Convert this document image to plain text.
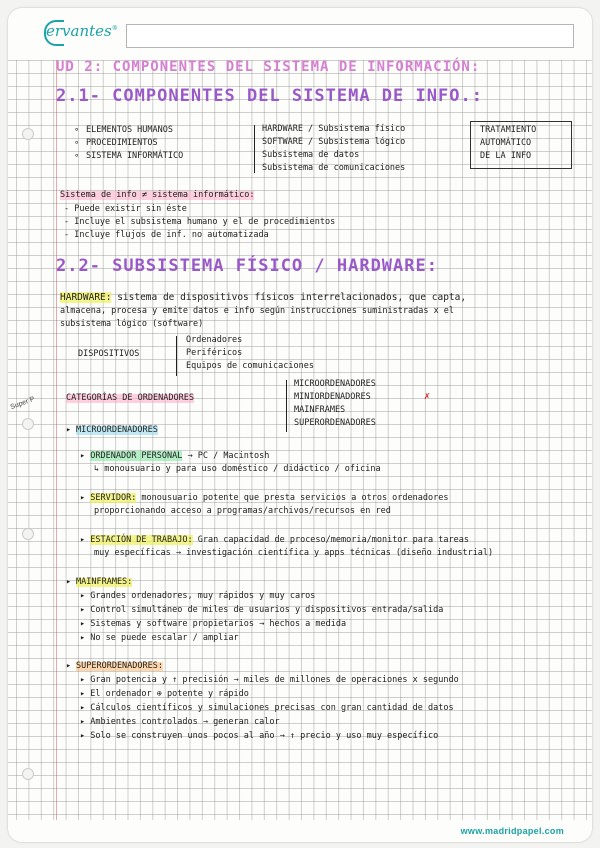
ervantes®
UD 2: COMPONENTES DEL SISTEMA DE INFORMACIÓN:
2.1- COMPONENTES DEL SISTEMA DE INFO.:
∘ ELEMENTOS HUMANOS
∘ PROCEDIMIENTOS
∘ SISTEMA INFORMÁTICO
HARDWARE / Subsistema físico
SOFTWARE / Subsistema lógico
Subsistema de datos
Subsistema de comunicaciones
TRATAMIENTO
AUTOMÁTICO
DE LA INFO
Sistema de info ≠ sistema informático:
- Puede existir sin éste
- Incluye el subsistema humano y el de procedimientos
- Incluye flujos de inf. no automatizada
2.2- SUBSISTEMA FÍSICO / HARDWARE:
HARDWARE: sistema de dispositivos físicos interrelacionados, que capta,
almacena, procesa y emite datos e info según instrucciones suministradas x el
subsistema lógico (software)
DISPOSITIVOS
Ordenadores
Periféricos
Equipos de comunicaciones
CATEGORÍAS DE ORDENADORES
MICROORDENADORES
MINIORDENADORES	✗
MAINFRAMES
SUPERORDENADORES
Super P
▸ MICROORDENADORES
▸ ORDENADOR PERSONAL → PC / Macintosh
↳ monousuario y para uso doméstico / didáctico / oficina
▸ SERVIDOR: monousuario potente que presta servicios a otros ordenadores
proporcionando acceso a programas/archivos/recursos en red
▸ ESTACIÓN DE TRABAJO: Gran capacidad de proceso/memoria/monitor para tareas
muy específicas → investigación científica y apps técnicas (diseño industrial)
▸ MAINFRAMES:
▸ Grandes ordenadores, muy rápidos y muy caros
▸ Control simultáneo de miles de usuarios y dispositivos entrada/salida
▸ Sistemas y software propietarios → hechos a medida
▸ No se puede escalar / ampliar
▸ SUPERORDENADORES:
▸ Gran potencia y ↑ precisión → miles de millones de operaciones x segundo
▸ El ordenador ⊕ potente y rápido
▸ Cálculos científicos y simulaciones precisas con gran cantidad de datos
▸ Ambientes controlados → generan calor
▸ Solo se construyen unos pocos al año → ↑ precio y uso muy específico
www.madridpapel.com
